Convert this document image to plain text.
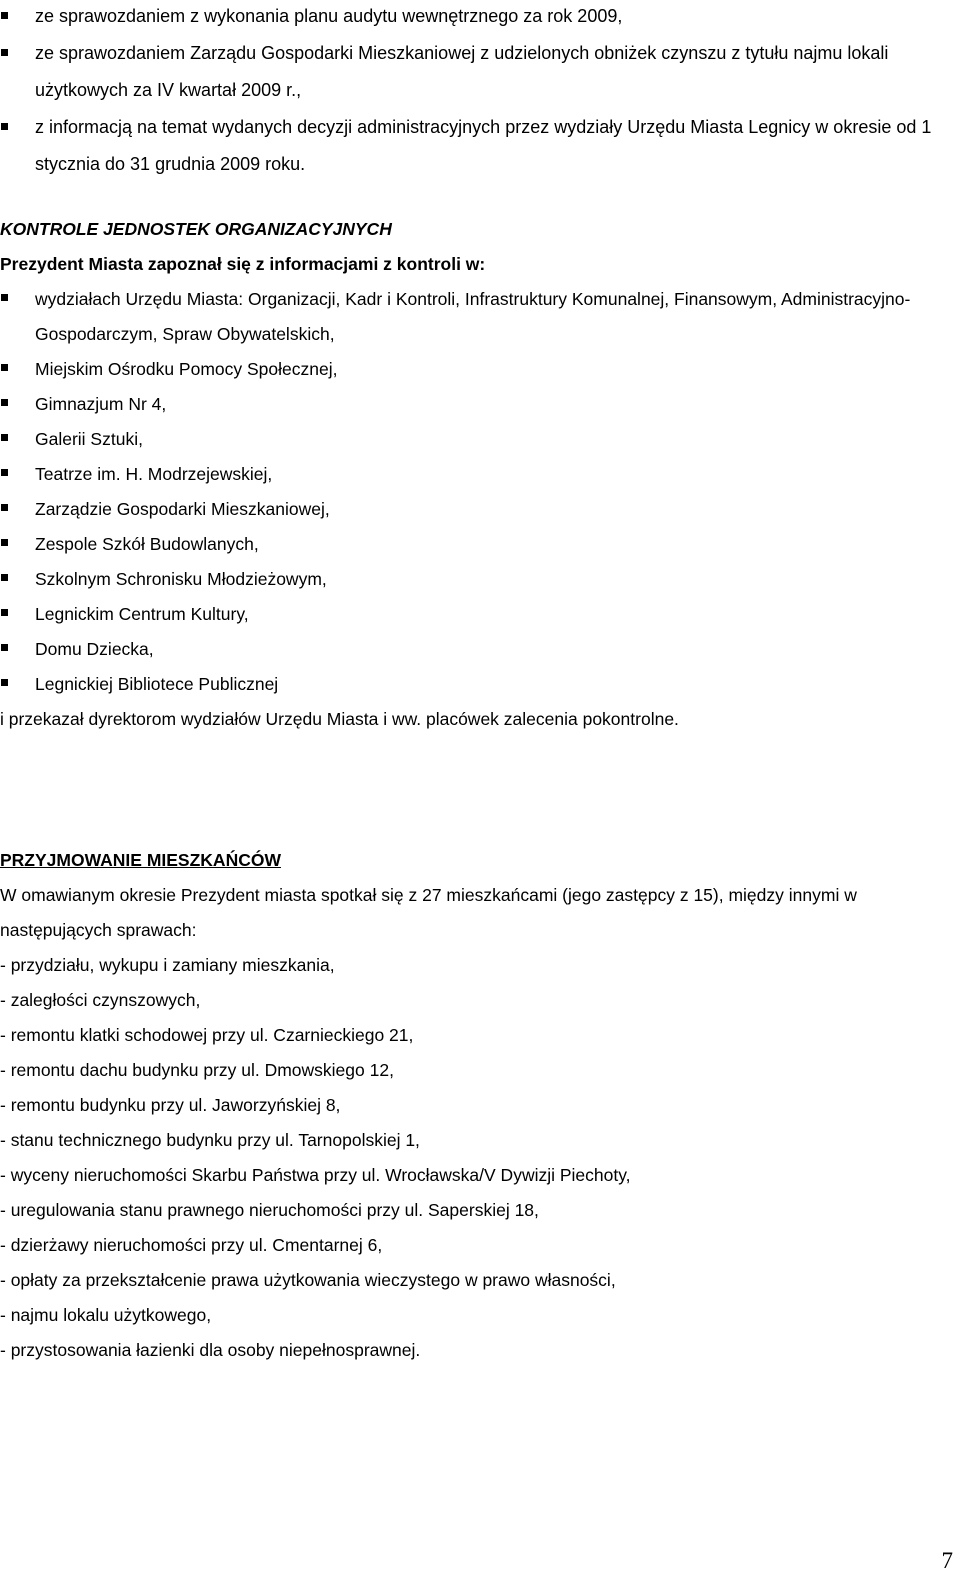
ze sprawozdaniem z wykonania planu audytu wewnętrznego za rok 2009,
ze sprawozdaniem Zarządu Gospodarki Mieszkaniowej z udzielonych obniżek czynszu z tytułu najmu lokali użytkowych za IV kwartał 2009 r.,
z informacją na temat wydanych decyzji administracyjnych przez wydziały Urzędu Miasta Legnicy w okresie od 1 stycznia do 31 grudnia 2009 roku.
KONTROLE JEDNOSTEK ORGANIZACYJNYCH
Prezydent Miasta zapoznał się z informacjami z kontroli w:
wydziałach Urzędu Miasta: Organizacji, Kadr i Kontroli, Infrastruktury Komunalnej, Finansowym, Administracyjno-Gospodarczym, Spraw Obywatelskich,
Miejskim Ośrodku Pomocy Społecznej,
Gimnazjum Nr 4,
Galerii Sztuki,
Teatrze im. H. Modrzejewskiej,
Zarządzie Gospodarki Mieszkaniowej,
Zespole Szkół Budowlanych,
Szkolnym Schronisku Młodzieżowym,
Legnickim Centrum Kultury,
Domu Dziecka,
Legnickiej Bibliotece Publicznej
i przekazał dyrektorom wydziałów Urzędu Miasta i ww. placówek zalecenia pokontrolne.
PRZYJMOWANIE MIESZKAŃCÓW
W omawianym okresie Prezydent miasta spotkał się z 27 mieszkańcami (jego zastępcy z 15), między innymi w następujących sprawach:
- przydziału, wykupu i zamiany mieszkania,
- zaległości czynszowych,
- remontu klatki schodowej przy ul. Czarnieckiego 21,
- remontu dachu budynku przy ul. Dmowskiego 12,
- remontu budynku przy ul. Jaworzyńskiej 8,
- stanu technicznego budynku przy ul. Tarnopolskiej 1,
- wyceny nieruchomości Skarbu Państwa przy ul. Wrocławska/V Dywizji Piechoty,
- uregulowania stanu prawnego nieruchomości przy ul. Saperskiej 18,
- dzierżawy nieruchomości przy ul. Cmentarnej 6,
- opłaty za przekształcenie prawa użytkowania wieczystego w prawo własności,
- najmu lokalu użytkowego,
- przystosowania łazienki dla osoby niepełnosprawnej.
7
